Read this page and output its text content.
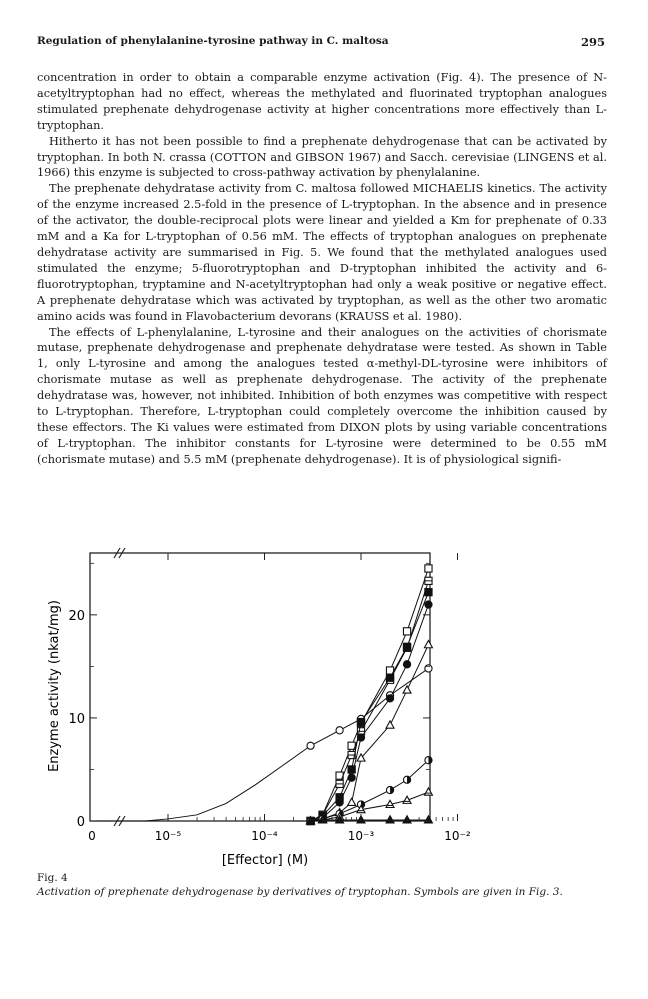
Regulation of phenylalanine-tyrosine pathway in C. maltosa	295

concentration in order to obtain a comparable enzyme activation (Fig. 4). The presence of N-acetyltryptophan had no effect, whereas the methylated and fluorinated tryptophan analogues stimulated prephenate dehydrogenase activity at higher concentrations more effectively than L-tryptophan.

Hitherto it has not been possible to find a prephenate dehydrogenase that can be activated by tryptophan. In both N. crassa (COTTON and GIBSON 1967) and Sacch. cerevisiae (LINGENS et al. 1966) this enzyme is subjected to cross-pathway activation by phenylalanine.

The prephenate dehydratase activity from C. maltosa followed MICHAELIS kinetics. The activity of the enzyme increased 2.5-fold in the presence of L-tryptophan. In the absence and in presence of the activator, the double-reciprocal plots were linear and yielded a Km for prephenate of 0.33 mM and a Ka for L-tryptophan of 0.56 mM. The effects of tryptophan analogues on prephenate dehydratase activity are summarised in Fig. 5. We found that the methylated analogues used stimulated the enzyme; 5-fluorotryptophan and D-tryptophan inhibited the activity and 6-fluorotryptophan, tryptamine and N-acetyltryptophan had only a weak positive or negative effect. A prephenate dehydratase which was activated by tryptophan, as well as the other two aromatic amino acids was found in Flavobacterium devorans (KRAUSS et al. 1980).

The effects of L-phenylalanine, L-tyrosine and their analogues on the activities of chorismate mutase, prephenate dehydrogenase and prephenate dehydratase were tested. As shown in Table 1, only L-tyrosine and among the analogues tested α-methyl-DL-tyrosine were inhibitors of chorismate mutase as well as prephenate dehydrogenase. The activity of the prephenate dehydratase was, however, not inhibited. Inhibition of both enzymes was competitive with respect to L-tryptophan. Therefore, L-tryptophan could completely overcome the inhibition caused by these effectors. The Ki values were estimated from DIXON plots by using variable concentrations of L-tryptophan. The inhibitor constants for L-tyrosine were determined to be 0.55 mM (chorismate mutase) and 5.5 mM (prephenate dehydrogenase). It is of physiological signifi-

0	10⁻⁵	10⁻⁴	10⁻³	10⁻²
0
10
20
Enzyme activity (nkat/mg)
[Effector] (M)
Fig. 4
Activation of prephenate dehydrogenase by derivatives of tryptophan. Symbols are given in Fig. 3.
